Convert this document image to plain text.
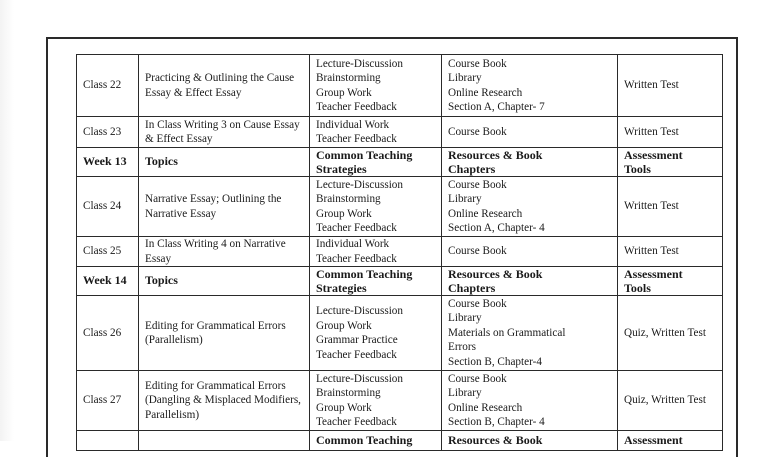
Class 22	Practicing & Outlining the Cause Essay & Effect Essay	Lecture-Discussion
Brainstorming
Group Work
Teacher Feedback	Course Book
Library
Online Research
Section A, Chapter- 7	Written Test
Class 23	In Class Writing 3 on Cause Essay & Effect Essay	Individual Work
Teacher Feedback	Course Book	Written Test
Week 13	Topics	Common Teaching
Strategies	Resources & Book
Chapters	Assessment
Tools

Class 24	Narrative Essay; Outlining the Narrative Essay	Lecture-Discussion
Brainstorming
Group Work
Teacher Feedback	Course Book
Library
Online Research
Section A, Chapter- 4	Written Test
Class 25	In Class Writing 4 on Narrative Essay	Individual Work
Teacher Feedback	Course Book	Written Test
Week 14	Topics	Common Teaching
Strategies	Resources & Book
Chapters	Assessment
Tools

Class 26	Editing for Grammatical Errors (Parallelism)	Lecture-Discussion
Group Work
Grammar Practice
Teacher Feedback	Course Book
Library
Materials on Grammatical
Errors
Section B, Chapter-4	Quiz, Written Test
Class 27	Editing for Grammatical Errors (Dangling & Misplaced Modifiers, Parallelism)	Lecture-Discussion
Brainstorming
Group Work
Teacher Feedback	Course Book
Library
Online Research
Section B, Chapter- 4	Quiz, Written Test

		Common Teaching	Resources & Book	Assessment
